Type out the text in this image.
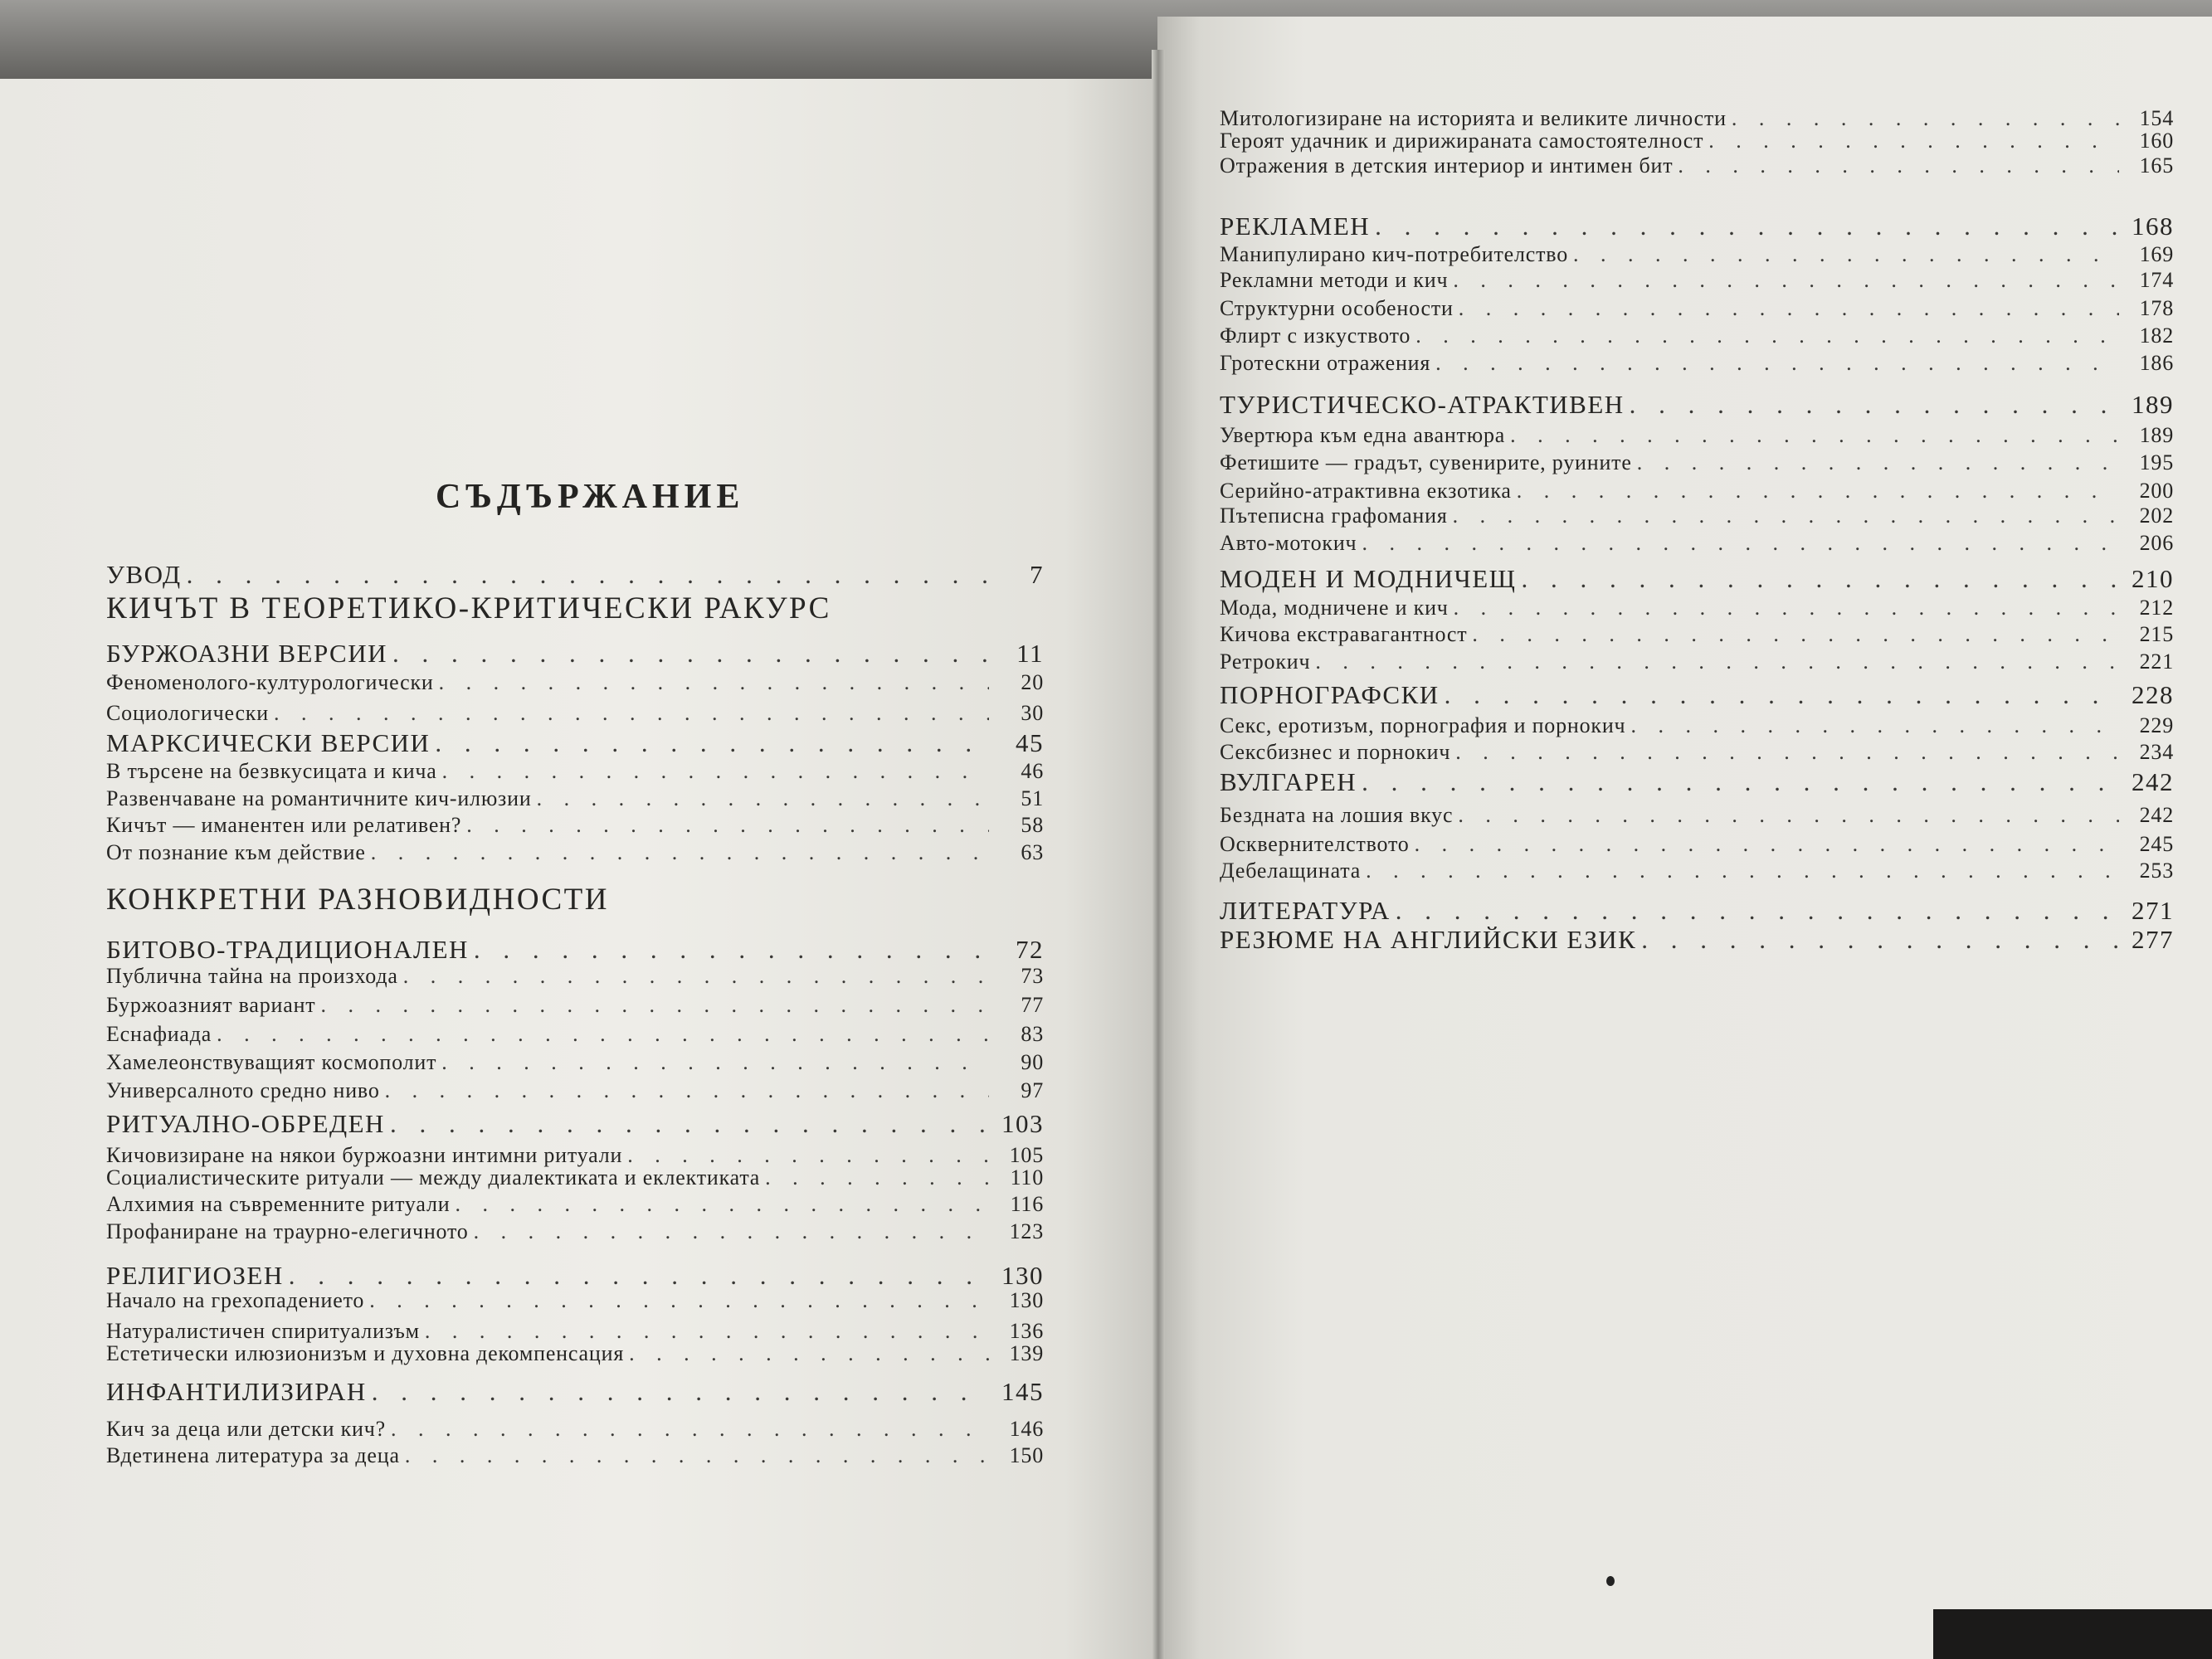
СЪДЪРЖАНИЕ
УВОД . . .	7
КИЧЪТ В ТЕОРЕТИКО-КРИТИЧЕСКИ РАКУРС
БУРЖОАЗНИ ВЕРСИИ . . .	11
Феноменолого-културологически . . .	20
Социологически . . .	30
МАРКСИЧЕСКИ ВЕРСИИ . . .	45
В търсене на безвкусицата и кича . . .	46
Развенчаване на романтичните кич-илюзии . . .	51
Кичът — иманентен или релативен? . . .	58
От познание към действие . . .	63
КОНКРЕТНИ РАЗНОВИДНОСТИ
БИТОВО-ТРАДИЦИОНАЛЕН . . .	72
Публична тайна на произхода . . .	73
Буржоазният вариант . . .	77
Еснафиада . . .	83
Хамелеонствуващият космополит . . .	90
Универсалното средно ниво . . .	97
РИТУАЛНО-ОБРЕДЕН . . .	103
Кичовизиране на някои буржоазни интимни ритуали . . .	105
Социалистическите ритуали — между диалектиката и еклектиката . . .	110
Алхимия на съвременните ритуали . . .	116
Профаниране на траурно-елегичното . . .	123
РЕЛИГИОЗЕН . . .	130
Начало на грехопадението . . .	130
Натуралистичен спиритуализъм . . .	136
Естетически илюзионизъм и духовна декомпенсация . . .	139
ИНФАНТИЛИЗИРАН . . .	145
Кич за деца или детски кич? . . .	146
Вдетинена литература за деца . . .	150
Митологизиране на историята и великите личности . . .	154
Героят удачник и дирижираната самостоятелност . . .	160
Отражения в детския интериор и интимен бит . . .	165
РЕКЛАМЕН . . .	168
Манипулирано кич-потребителство . . .	169
Рекламни методи и кич . . .	174
Структурни особености . . .	178
Флирт с изкуството . . .	182
Гротескни отражения . . .	186
ТУРИСТИЧЕСКО-АТРАКТИВЕН . . .	189
Увертюра към една авантюра . . .	189
Фетишите — градът, сувенирите, руините . . .	195
Серийно-атрактивна екзотика . . .	200
Пътеписна графомания . . .	202
Авто-мотокич . . .	206
МОДЕН И МОДНИЧЕЩ . . .	210
Мода, модничене и кич . . .	212
Кичова екстравагантност . . .	215
Ретрокич . . .	221
ПОРНОГРАФСКИ . . .	228
Секс, еротизъм, порнография и порнокич . . .	229
Сексбизнес и порнокич . . .	234
ВУЛГАРЕН . . .	242
Бездната на лошия вкус . . .	242
Осквернителството . . .	245
Дебелащината . . .	253
ЛИТЕРАТУРА . . .	271
РЕЗЮМЕ НА АНГЛИЙСКИ ЕЗИК . . .	277
